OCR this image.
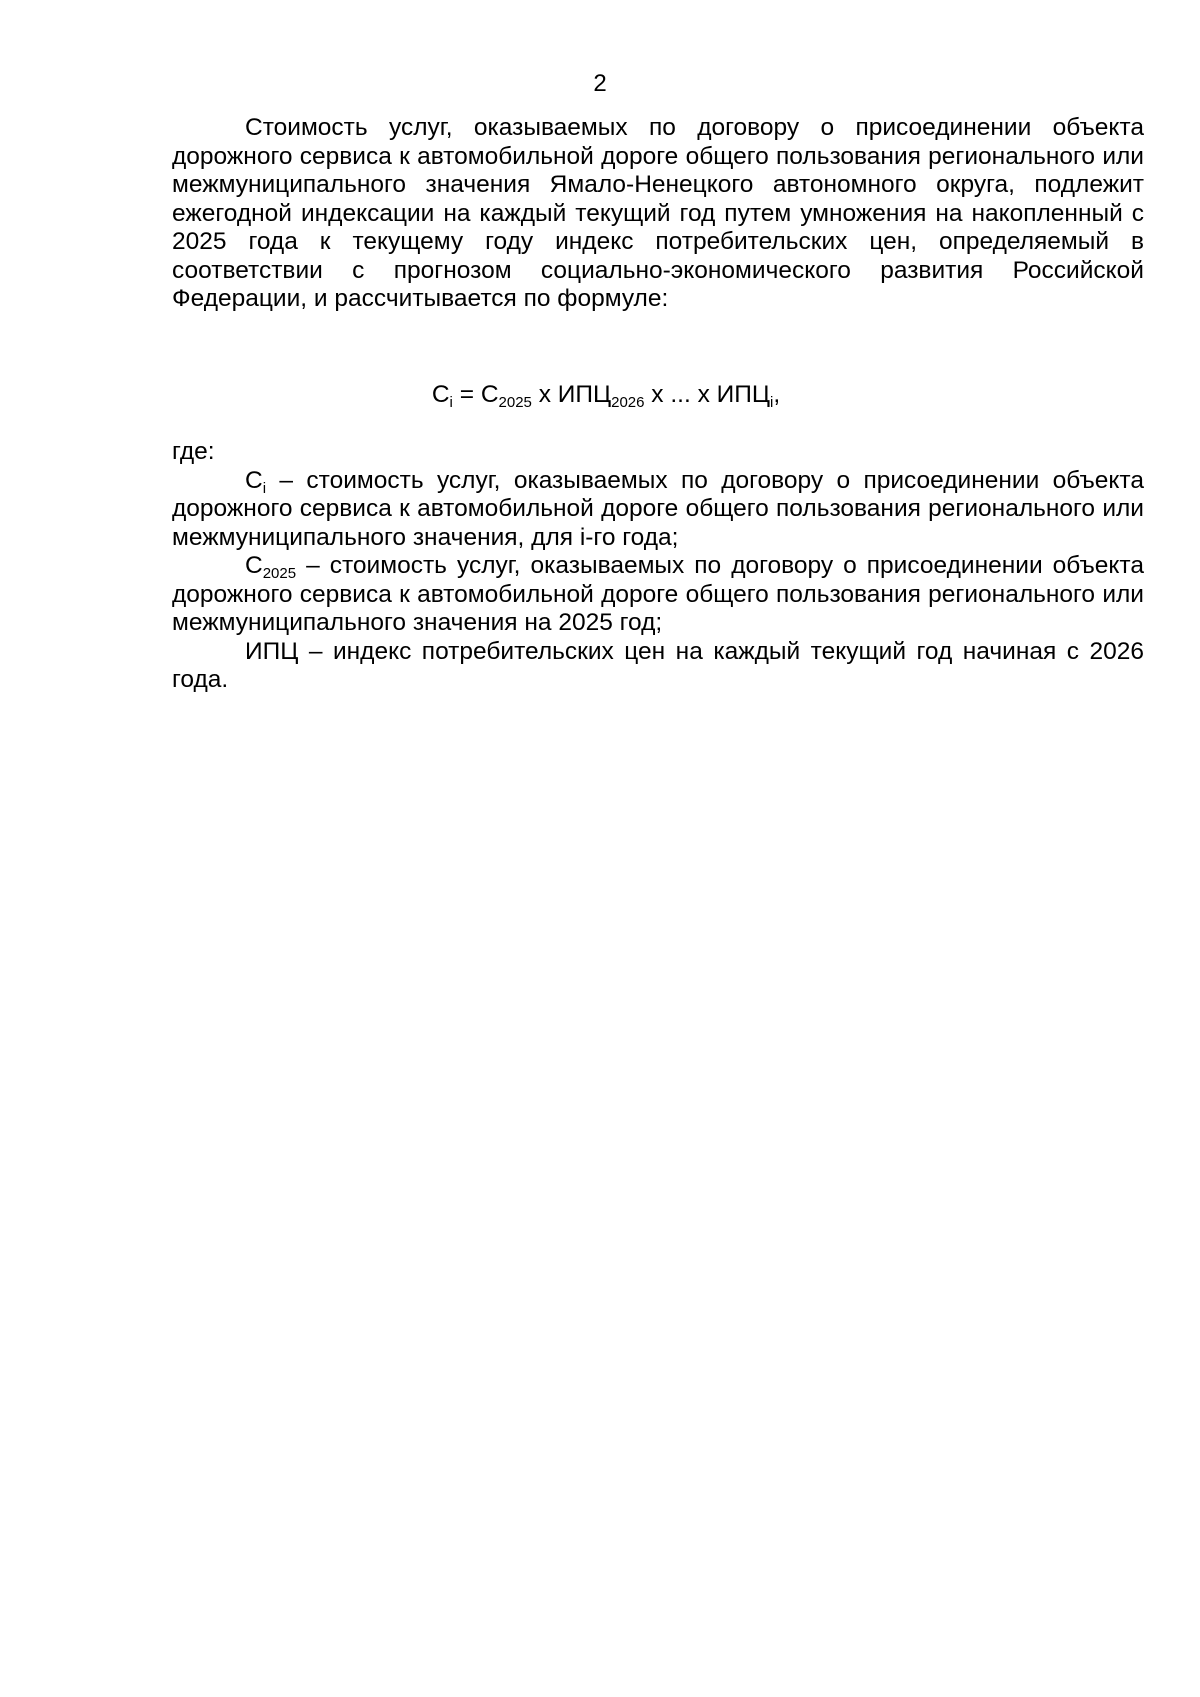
2

Стоимость услуг, оказываемых по договору о присоединении объекта дорожного сервиса к автомобильной дороге общего пользования регионального или межмуниципального значения Ямало-Ненецкого автономного округа, подлежит ежегодной индексации на каждый текущий год путем умножения на накопленный с 2025 года к текущему году индекс потребительских цен, определяемый в соответствии с прогнозом социально-экономического развития Российской Федерации, и рассчитывается по формуле:

$С_i = С_{2025}$ х $ИПЦ_{2026}$ х ... х $ИПЦ_i$,

где:

$С_i$ – стоимость услуг, оказываемых по договору о присоединении объекта дорожного сервиса к автомобильной дороге общего пользования регионального или межмуниципального значения, для i-го года;

$С_{2025}$ – стоимость услуг, оказываемых по договору о присоединении объекта дорожного сервиса к автомобильной дороге общего пользования регионального или межмуниципального значения на 2025 год;

ИПЦ – индекс потребительских цен на каждый текущий год начиная с 2026 года.
